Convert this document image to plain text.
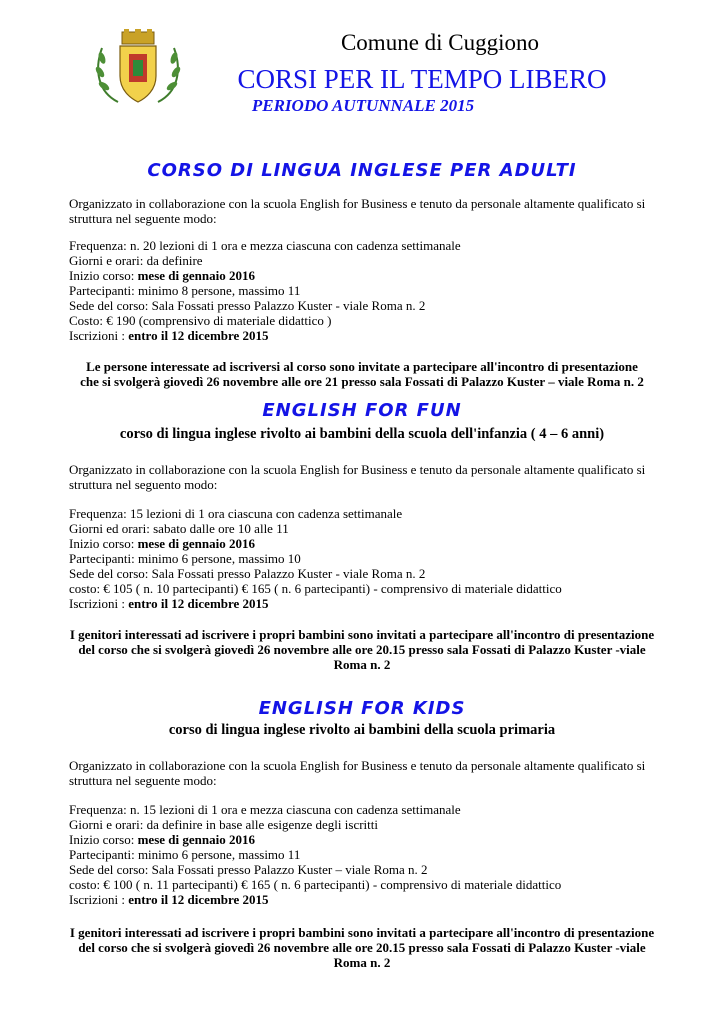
Comune di Cuggiono
CORSI PER IL TEMPO LIBERO
PERIODO AUTUNNALE 2015
CORSO DI LINGUA INGLESE PER ADULTI
Organizzato in collaborazione con la scuola English for Business e tenuto da personale altamente qualificato si
struttura nel seguente modo:
Frequenza: n. 20 lezioni di 1 ora e mezza ciascuna con cadenza settimanale
Giorni e orari: da definire
Inizio corso: mese di gennaio 2016
Partecipanti: minimo 8 persone, massimo 11
Sede del corso: Sala Fossati presso Palazzo Kuster - viale Roma n. 2
Costo: € 190 (comprensivo di materiale didattico )
Iscrizioni : entro il 12 dicembre 2015
Le persone interessate ad iscriversi al corso sono invitate a partecipare all'incontro di presentazione
che si svolgerà giovedì 26 novembre alle ore 21 presso sala Fossati di Palazzo Kuster – viale Roma n. 2
ENGLISH FOR FUN
corso di lingua inglese rivolto ai bambini della scuola dell'infanzia ( 4 – 6 anni)
Organizzato in collaborazione con la scuola English for Business e tenuto da personale altamente qualificato si
struttura nel seguento modo:
Frequenza: 15 lezioni di 1 ora ciascuna con cadenza settimanale
Giorni ed orari: sabato dalle ore 10 alle 11
Inizio corso: mese di gennaio 2016
Partecipanti: minimo 6 persone, massimo 10
Sede del corso: Sala Fossati presso Palazzo Kuster - viale Roma n. 2
costo: € 105 ( n. 10 partecipanti) € 165 ( n. 6 partecipanti) - comprensivo di materiale didattico
Iscrizioni : entro il 12 dicembre 2015
I genitori interessati ad iscrivere i propri bambini sono invitati a partecipare all'incontro di presentazione
del corso che si svolgerà giovedì 26 novembre alle ore 20.15 presso sala Fossati di Palazzo Kuster -viale
Roma n. 2
ENGLISH FOR KIDS
corso di lingua inglese rivolto ai bambini della scuola primaria
Organizzato in collaborazione con la scuola English for Business e tenuto da personale altamente qualificato si
struttura nel seguente modo:
Frequenza: n. 15 lezioni di 1 ora e mezza ciascuna con cadenza settimanale
Giorni e orari: da definire in base alle esigenze degli iscritti
Inizio corso: mese di gennaio 2016
Partecipanti: minimo 6 persone, massimo 11
Sede del corso: Sala Fossati presso Palazzo Kuster – viale Roma n. 2
costo: € 100 ( n. 11 partecipanti) € 165 ( n. 6 partecipanti) - comprensivo di materiale didattico
Iscrizioni : entro il 12 dicembre 2015
I genitori interessati ad iscrivere i propri bambini sono invitati a partecipare all'incontro di presentazione
del corso che si svolgerà giovedì 26 novembre alle ore 20.15 presso sala Fossati di Palazzo Kuster -viale
Roma n. 2
